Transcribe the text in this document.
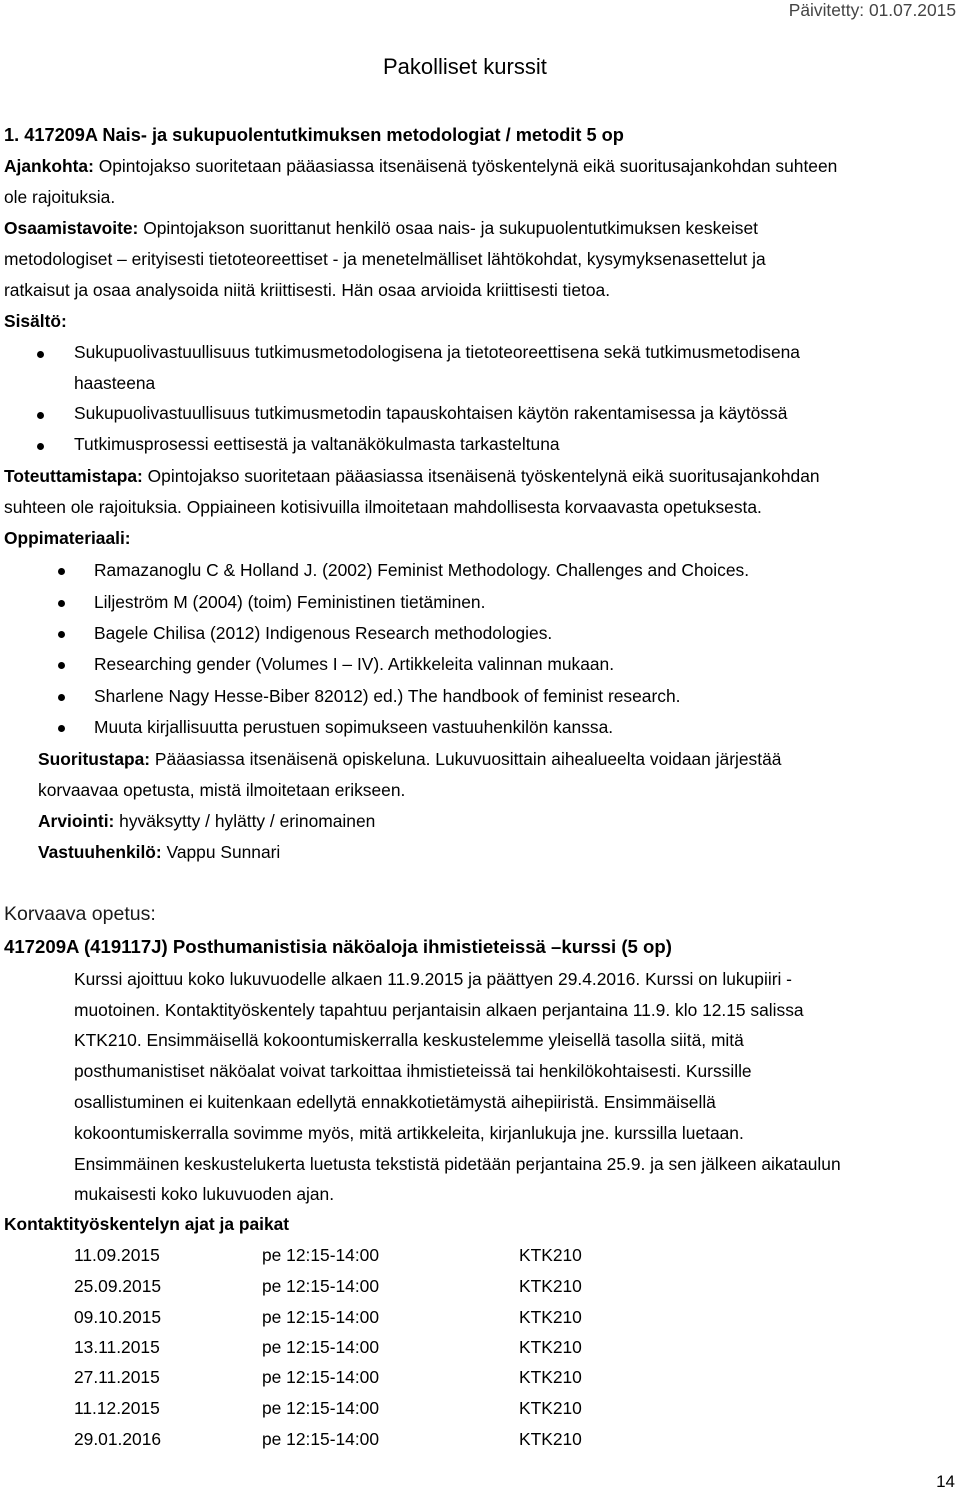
Päivitetty: 01.07.2015
Pakolliset kurssit
1. 417209A Nais- ja sukupuolentutkimuksen metodologiat / metodit 5 op
Ajankohta: Opintojakso suoritetaan pääasiassa itsenäisenä työskentelynä eikä suoritusajankohdan suhteen
ole rajoituksia.
Osaamistavoite: Opintojakson suorittanut henkilö osaa nais- ja sukupuolentutkimuksen keskeiset
metodologiset – erityisesti tietoteoreettiset - ja menetelmälliset lähtökohdat, kysymyksenasettelut ja
ratkaisut ja osaa analysoida niitä kriittisesti. Hän osaa arvioida kriittisesti tietoa.
Sisältö:
Sukupuolivastuullisuus tutkimusmetodologisena ja tietoteoreettisena sekä tutkimusmetodisena
haasteena
Sukupuolivastuullisuus tutkimusmetodin tapauskohtaisen käytön rakentamisessa ja käytössä
Tutkimusprosessi eettisestä ja valtanäkökulmasta tarkasteltuna
Toteuttamistapa: Opintojakso suoritetaan pääasiassa itsenäisenä työskentelynä eikä suoritusajankohdan
suhteen ole rajoituksia. Oppiaineen kotisivuilla ilmoitetaan mahdollisesta korvaavasta opetuksesta.
Oppimateriaali:
Ramazanoglu C & Holland J. (2002) Feminist Methodology. Challenges and Choices.
Liljeström M (2004) (toim) Feministinen tietäminen.
Bagele Chilisa (2012) Indigenous Research methodologies.
Researching gender (Volumes I – IV). Artikkeleita valinnan mukaan.
Sharlene Nagy Hesse-Biber 82012) ed.) The handbook of feminist research.
Muuta kirjallisuutta perustuen sopimukseen vastuuhenkilön kanssa.
Suoritustapa: Pääasiassa itsenäisenä opiskeluna. Lukuvuosittain aihealueelta voidaan järjestää
korvaavaa opetusta, mistä ilmoitetaan erikseen.
Arviointi: hyväksytty / hylätty / erinomainen
Vastuuhenkilö: Vappu Sunnari
Korvaava opetus:
417209A (419117J) Posthumanistisia näköaloja ihmistieteissä –kurssi (5 op)
Kurssi ajoittuu koko lukuvuodelle alkaen 11.9.2015 ja päättyen 29.4.2016. Kurssi on lukupiiri -
muotoinen. Kontaktityöskentely tapahtuu perjantaisin alkaen perjantaina 11.9. klo 12.15 salissa
KTK210. Ensimmäisellä kokoontumiskerralla keskustelemme yleisellä tasolla siitä, mitä
posthumanistiset näköalat voivat tarkoittaa ihmistieteissä tai henkilökohtaisesti. Kurssille
osallistuminen ei kuitenkaan edellytä ennakkotietämystä aihepiiristä. Ensimmäisellä
kokoontumiskerralla sovimme myös, mitä artikkeleita, kirjanlukuja jne. kurssilla luetaan.
Ensimmäinen keskustelukerta luetusta tekstistä pidetään perjantaina 25.9. ja sen jälkeen aikataulun
mukaisesti koko lukuvuoden ajan.
Kontaktityöskentelyn ajat ja paikat
11.09.2015	pe 12:15-14:00	KTK210
25.09.2015	pe 12:15-14:00	KTK210
09.10.2015	pe 12:15-14:00	KTK210
13.11.2015	pe 12:15-14:00	KTK210
27.11.2015	pe 12:15-14:00	KTK210
11.12.2015	pe 12:15-14:00	KTK210
29.01.2016	pe 12:15-14:00	KTK210
14
